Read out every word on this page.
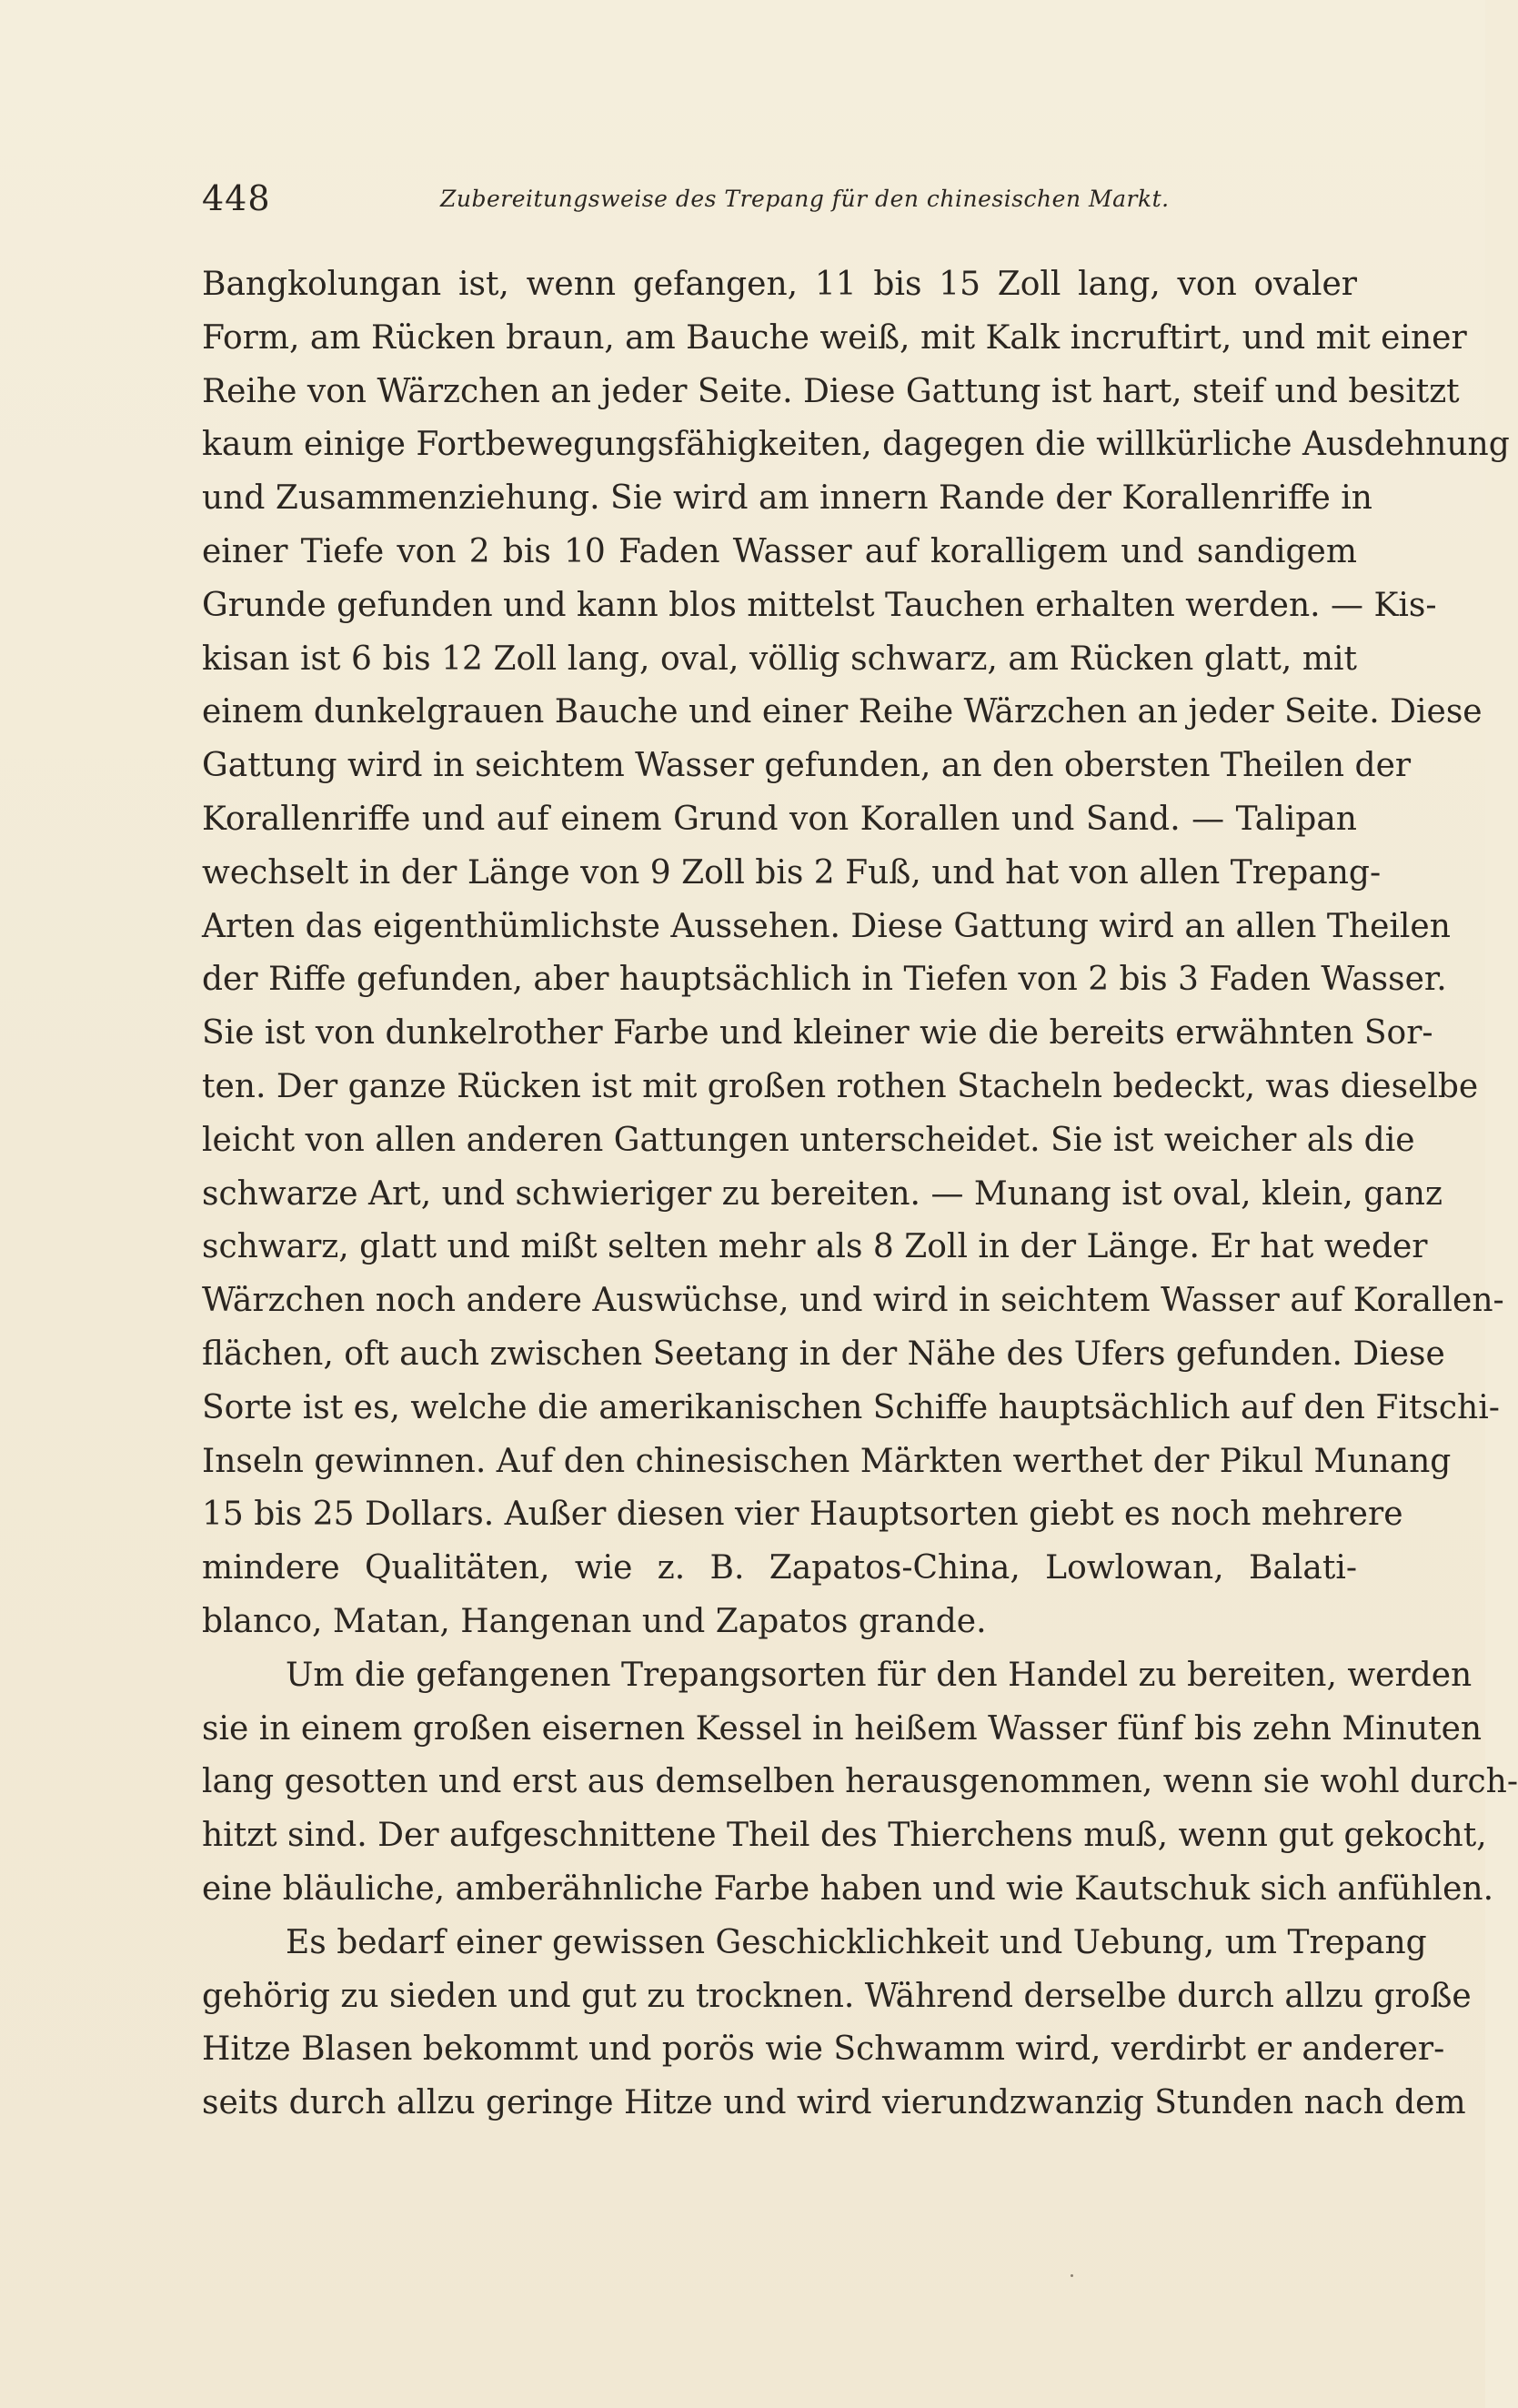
448	Zubereitungsweise des Trepang für den chinesischen Markt.
Bangkolungan ist, wenn gefangen, 11 bis 15 Zoll lang, von ovaler
Form, am Rücken braun, am Bauche weiß, mit Kalk incruftirt, und mit einer
Reihe von Wärzchen an jeder Seite. Diese Gattung ist hart, steif und besitzt
kaum einige Fortbewegungsfähigkeiten, dagegen die willkürliche Ausdehnung
und Zusammenziehung. Sie wird am innern Rande der Korallenriffe in
einer Tiefe von 2 bis 10 Faden Wasser auf koralligem und sandigem
Grunde gefunden und kann blos mittelst Tauchen erhalten werden. — Kis-
kisan ist 6 bis 12 Zoll lang, oval, völlig schwarz, am Rücken glatt, mit
einem dunkelgrauen Bauche und einer Reihe Wärzchen an jeder Seite. Diese
Gattung wird in seichtem Wasser gefunden, an den obersten Theilen der
Korallenriffe und auf einem Grund von Korallen und Sand. — Talipan
wechselt in der Länge von 9 Zoll bis 2 Fuß, und hat von allen Trepang-
Arten das eigenthümlichste Aussehen. Diese Gattung wird an allen Theilen
der Riffe gefunden, aber hauptsächlich in Tiefen von 2 bis 3 Faden Wasser.
Sie ist von dunkelrother Farbe und kleiner wie die bereits erwähnten Sor-
ten. Der ganze Rücken ist mit großen rothen Stacheln bedeckt, was dieselbe
leicht von allen anderen Gattungen unterscheidet. Sie ist weicher als die
schwarze Art, und schwieriger zu bereiten. — Munang ist oval, klein, ganz
schwarz, glatt und mißt selten mehr als 8 Zoll in der Länge. Er hat weder
Wärzchen noch andere Auswüchse, und wird in seichtem Wasser auf Korallen-
flächen, oft auch zwischen Seetang in der Nähe des Ufers gefunden. Diese
Sorte ist es, welche die amerikanischen Schiffe hauptsächlich auf den Fitschi-
Inseln gewinnen. Auf den chinesischen Märkten werthet der Pikul Munang
15 bis 25 Dollars. Außer diesen vier Hauptsorten giebt es noch mehrere
mindere Qualitäten, wie z. B. Zapatos-China, Lowlowan, Balati-
blanco, Matan, Hangenan und Zapatos grande.
Um die gefangenen Trepangsorten für den Handel zu bereiten, werden
sie in einem großen eisernen Kessel in heißem Wasser fünf bis zehn Minuten
lang gesotten und erst aus demselben herausgenommen, wenn sie wohl durch-
hitzt sind. Der aufgeschnittene Theil des Thierchens muß, wenn gut gekocht,
eine bläuliche, amberähnliche Farbe haben und wie Kautschuk sich anfühlen.
Es bedarf einer gewissen Geschicklichkeit und Uebung, um Trepang
gehörig zu sieden und gut zu trocknen. Während derselbe durch allzu große
Hitze Blasen bekommt und porös wie Schwamm wird, verdirbt er anderer-
seits durch allzu geringe Hitze und wird vierundzwanzig Stunden nach dem
